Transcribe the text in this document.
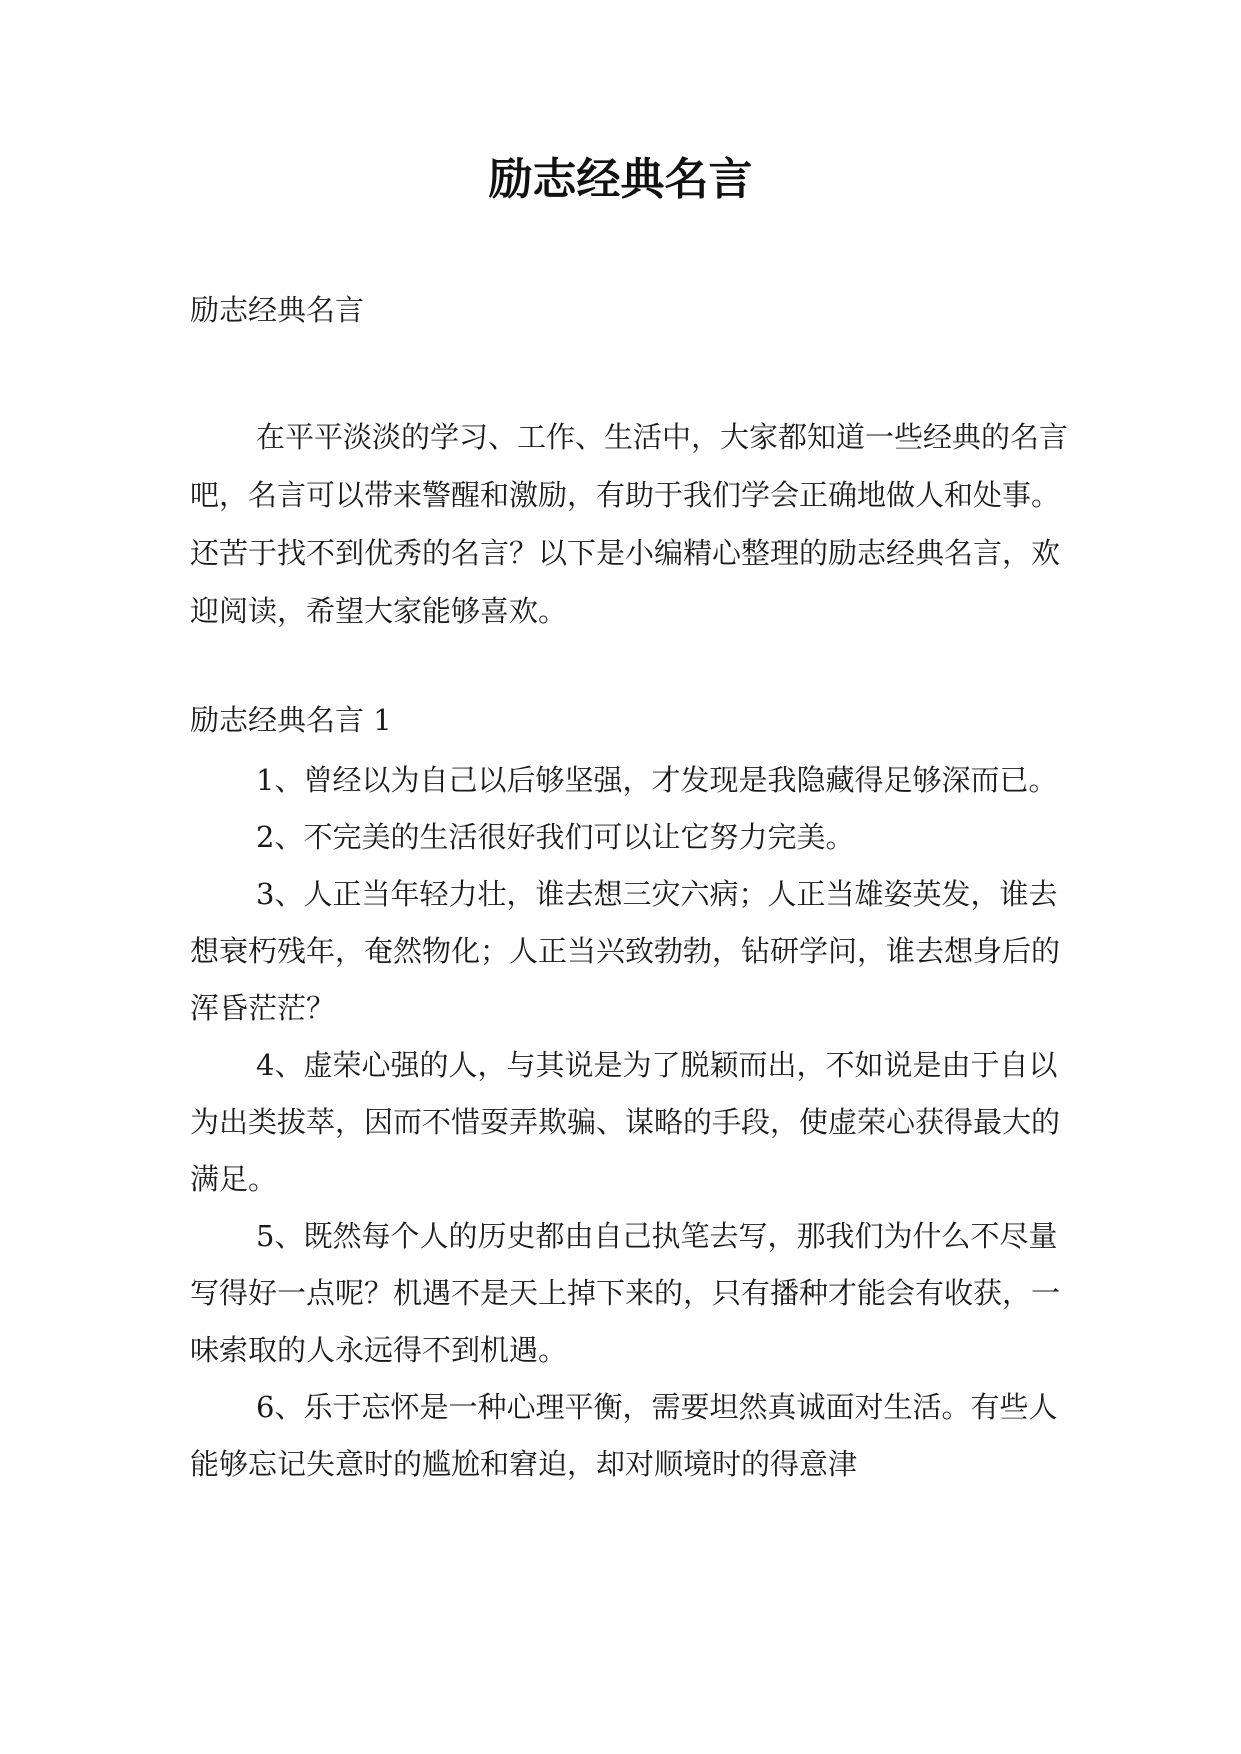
励志经典名言
励志经典名言

在平平淡淡的学习、工作、生活中，大家都知道一些经典的名言吧，名言可以带来警醒和激励，有助于我们学会正确地做人和处事。还苦于找不到优秀的名言？以下是小编精心整理的励志经典名言，欢迎阅读，希望大家能够喜欢。

励志经典名言 1
1、曾经以为自己以后够坚强，才发现是我隐藏得足够深而已。
2、不完美的生活很好我们可以让它努力完美。
3、人正当年轻力壮，谁去想三灾六病；人正当雄姿英发，谁去想衰朽残年，奄然物化；人正当兴致勃勃，钻研学问，谁去想身后的浑昏茫茫？
4、虚荣心强的人，与其说是为了脱颖而出，不如说是由于自以为出类拔萃，因而不惜耍弄欺骗、谋略的手段，使虚荣心获得最大的满足。
5、既然每个人的历史都由自己执笔去写，那我们为什么不尽量写得好一点呢？机遇不是天上掉下来的，只有播种才能会有收获，一味索取的人永远得不到机遇。
6、乐于忘怀是一种心理平衡，需要坦然真诚面对生活。有些人能够忘记失意时的尴尬和窘迫，却对顺境时的得意津
